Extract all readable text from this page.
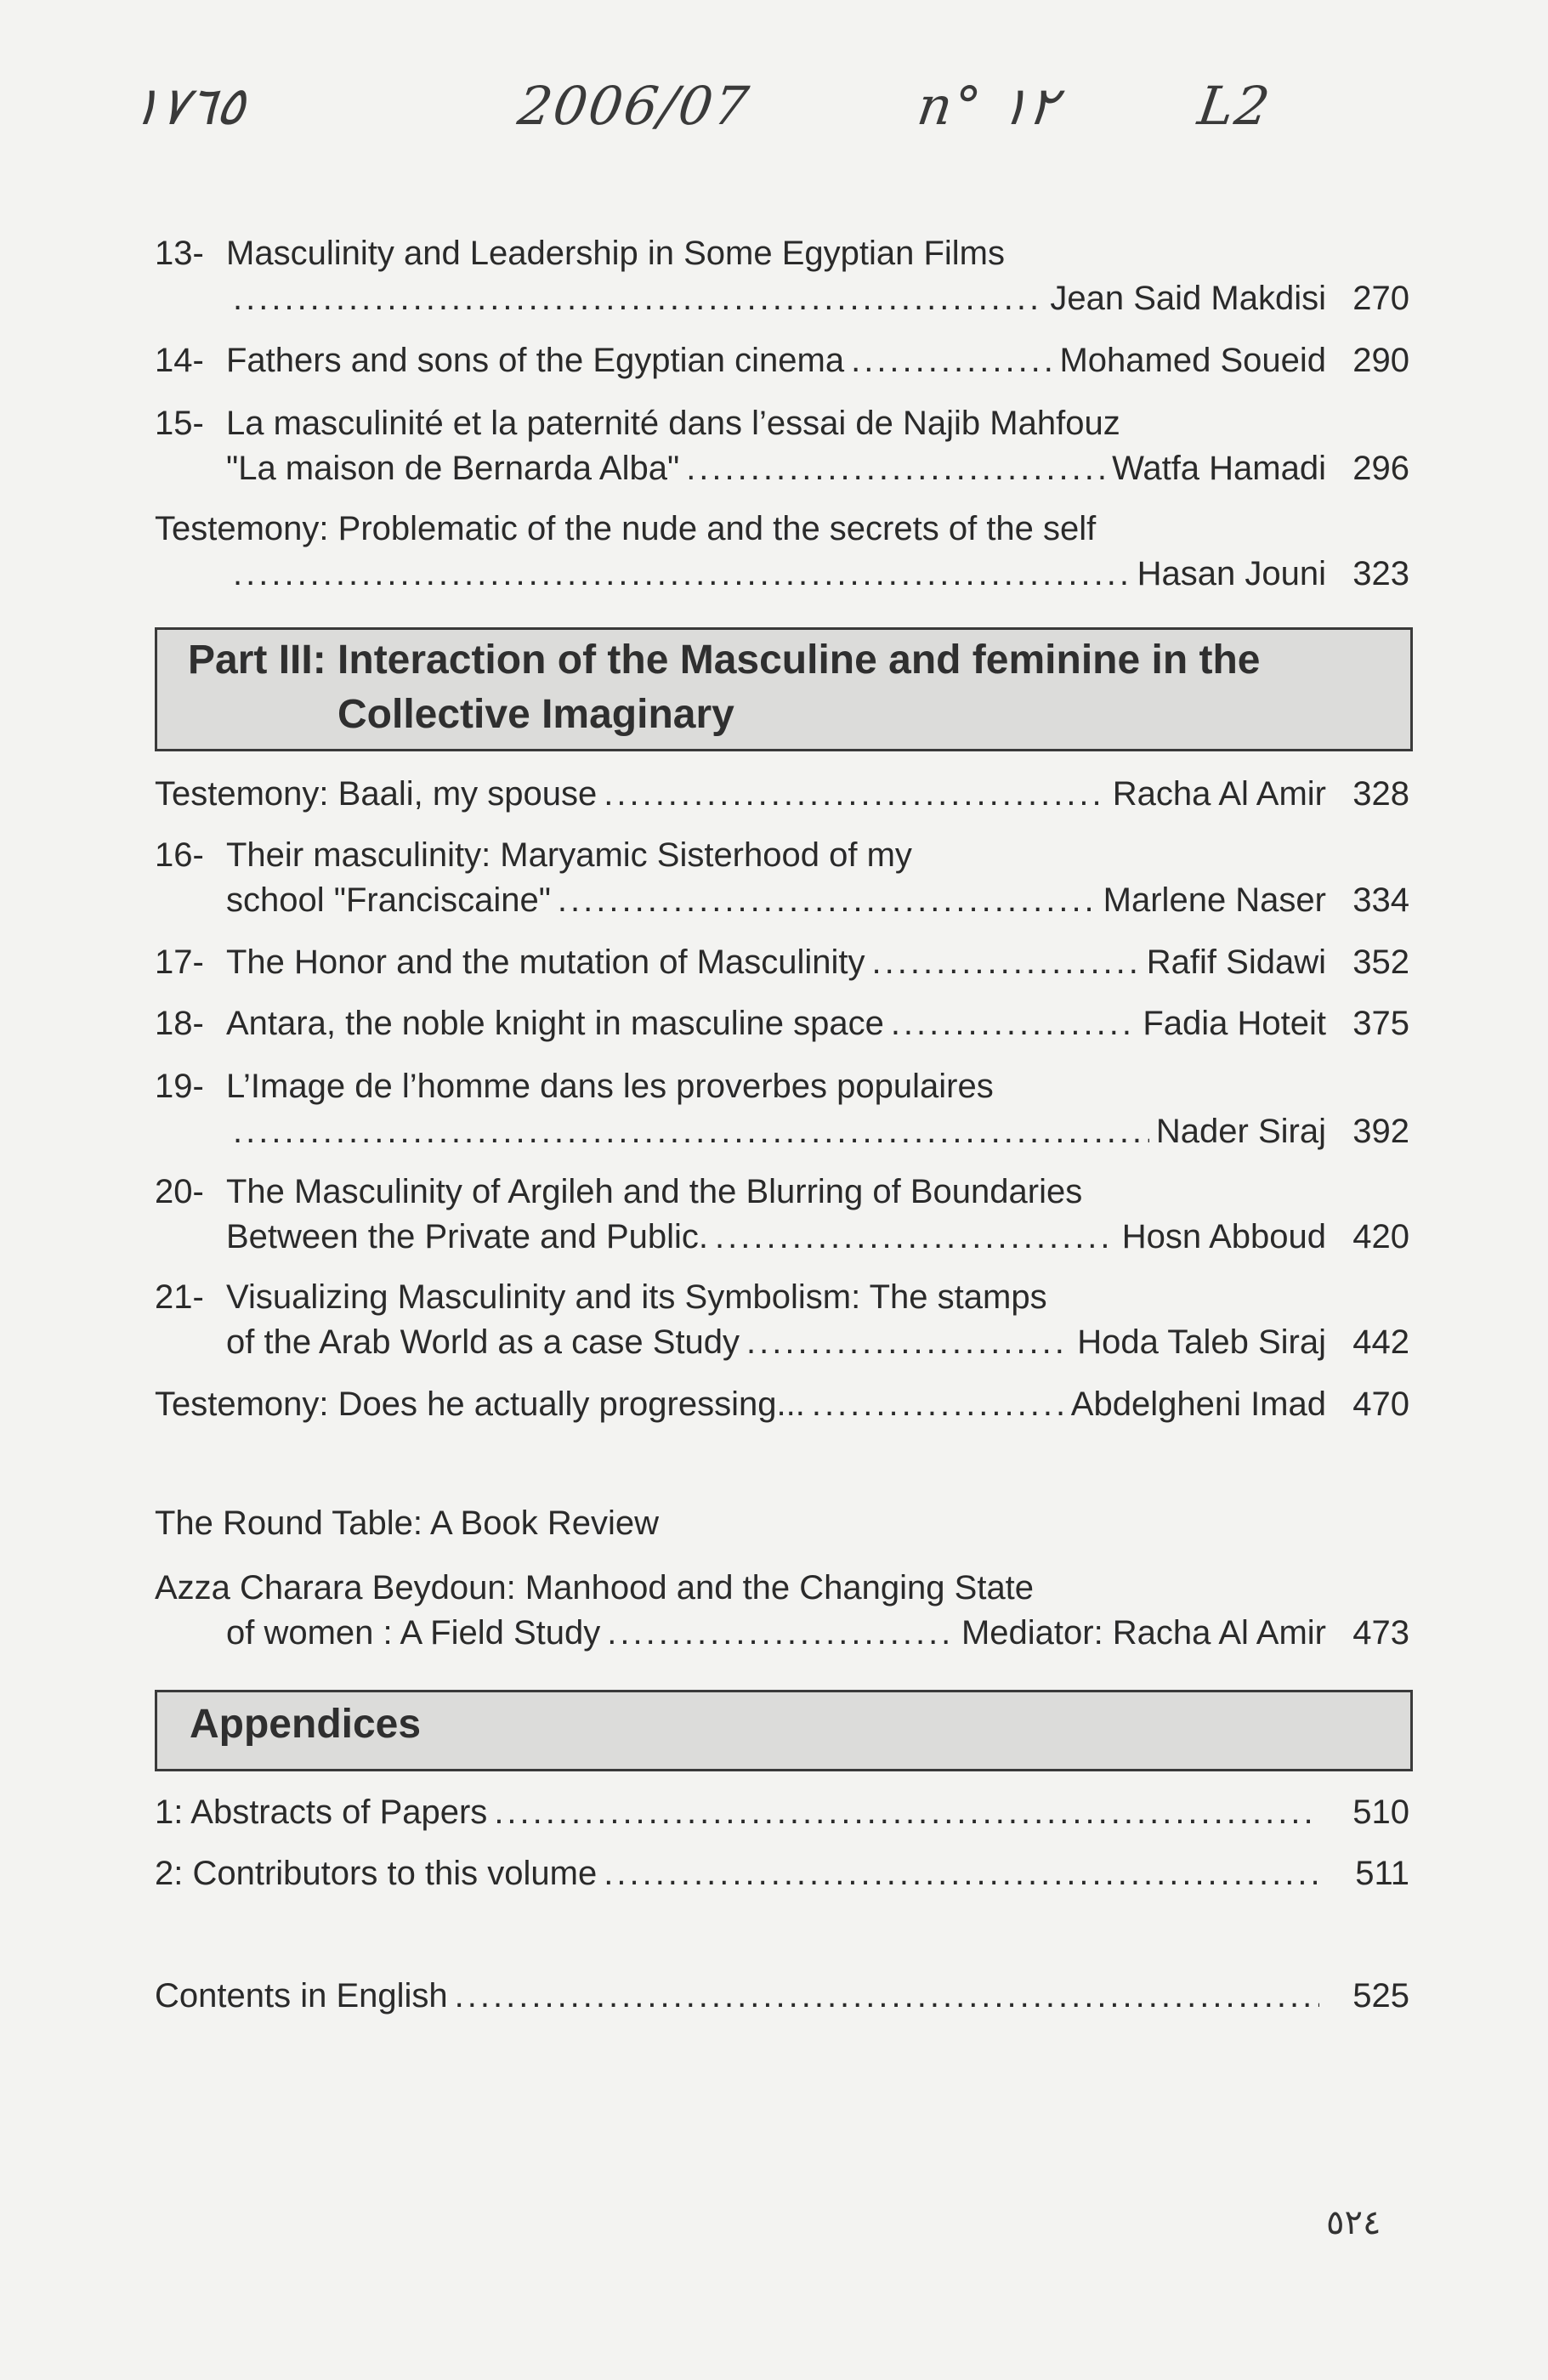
١٧٦٥	2006/07	n° ١٢	L2
13- Masculinity and Leadership in Some Egyptian Films
.....
Jean Said Makdisi 270
14- Fathers and sons of the Egyptian cinema .....	Mohamed Soueid 290
15- La masculinité et la paternité dans l’essai de Najib Mahfouz
"La maison de Bernarda Alba" .....	Watfa Hamadi 296
Testemony: Problematic of the nude and the secrets of the self
.....
Hasan Jouni 323
Part III: Interaction of the Masculine and feminine in the
Collective Imaginary
Testemony: Baali, my spouse .....	Racha Al Amir 328
16- Their masculinity: Maryamic Sisterhood of my
school "Franciscaine" .....	Marlene Naser 334
17- The Honor and the mutation of Masculinity .....	Rafif Sidawi 352
18- Antara, the noble knight in masculine space .....	Fadia Hoteit 375
19- L’Image de l’homme dans les proverbes populaires
.....
Nader Siraj 392
20- The Masculinity of Argileh and the Blurring of Boundaries
Between the Private and Public. .....	Hosn Abboud 420
21- Visualizing Masculinity and its Symbolism: The stamps
of the Arab World as a case Study .....	Hoda Taleb Siraj 442
Testemony: Does he actually progressing... .....	Abdelgheni Imad 470
The Round Table: A Book Review
Azza Charara Beydoun: Manhood and the Changing State
of women : A Field Study .....	Mediator: Racha Al Amir 473
Appendices
1: Abstracts of Papers .....	510
2: Contributors to this volume .....	511
Contents in English .....	525
٥٢٤
